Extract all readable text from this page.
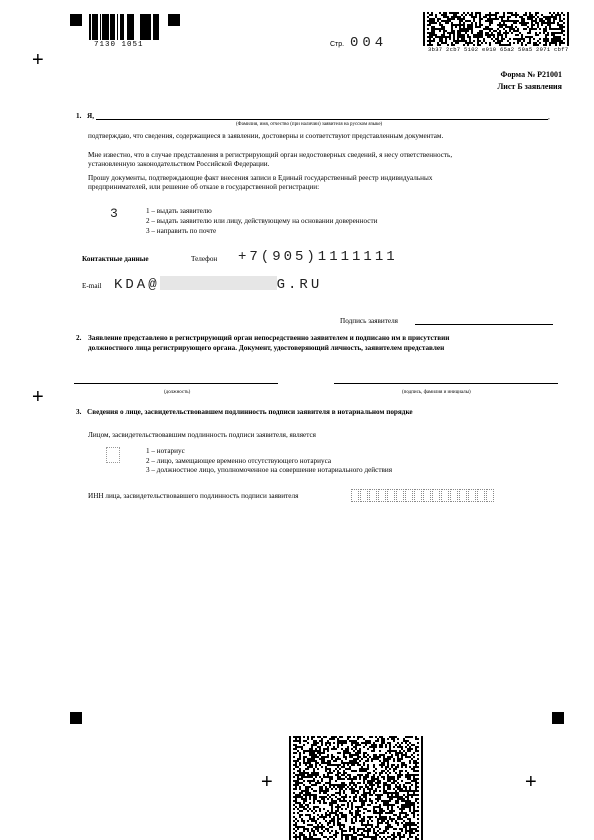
+
+
+	+
7130 1051	Стр. 004	3b37 2cb7 5102 e910 65a2 59a5 2971 cbf7
Форма № Р21001
Лист Б заявления
1. Я,	,
(Фамилия, имя, отчество (при наличии) заявителя на русском языке)
подтверждаю, что сведения, содержащиеся в заявлении, достоверны и соответствуют представленным документам.
Мне известно, что в случае представления в регистрирующий орган недостоверных сведений, я несу ответственность,
установленную законодательством Российской Федерации.
Прошу документы, подтверждающие факт внесения записи в Единый государственный реестр индивидуальных
предпринимателей, или решение об отказе в государственной регистрации:
3	1 – выдать заявителю
2 – выдать заявителю или лицу, действующему на основании доверенности
3 – направить по почте
Контактные данные	Телефон +7(905)1111111
E-mail KDA@	G.RU
Подпись заявителя
2. Заявление представлено в регистрирующий орган непосредственно заявителем и подписано им в присутствии
должностного лица регистрирующего органа. Документ, удостоверяющий личность, заявителем представлен
(должность)	(подпись, фамилия и инициалы)
3. Сведения о лице, засвидетельствовавшем подлинность подписи заявителя в нотариальном порядке
Лицом, засвидетельствовавшим подлинность подписи заявителя, является
1 – нотариус
2 – лицо, замещающее временно отсутствующего нотариуса
3 – должностное лицо, уполномоченное на совершение нотариального действия
ИНН лица, засвидетельствовавшего подлинность подписи заявителя
